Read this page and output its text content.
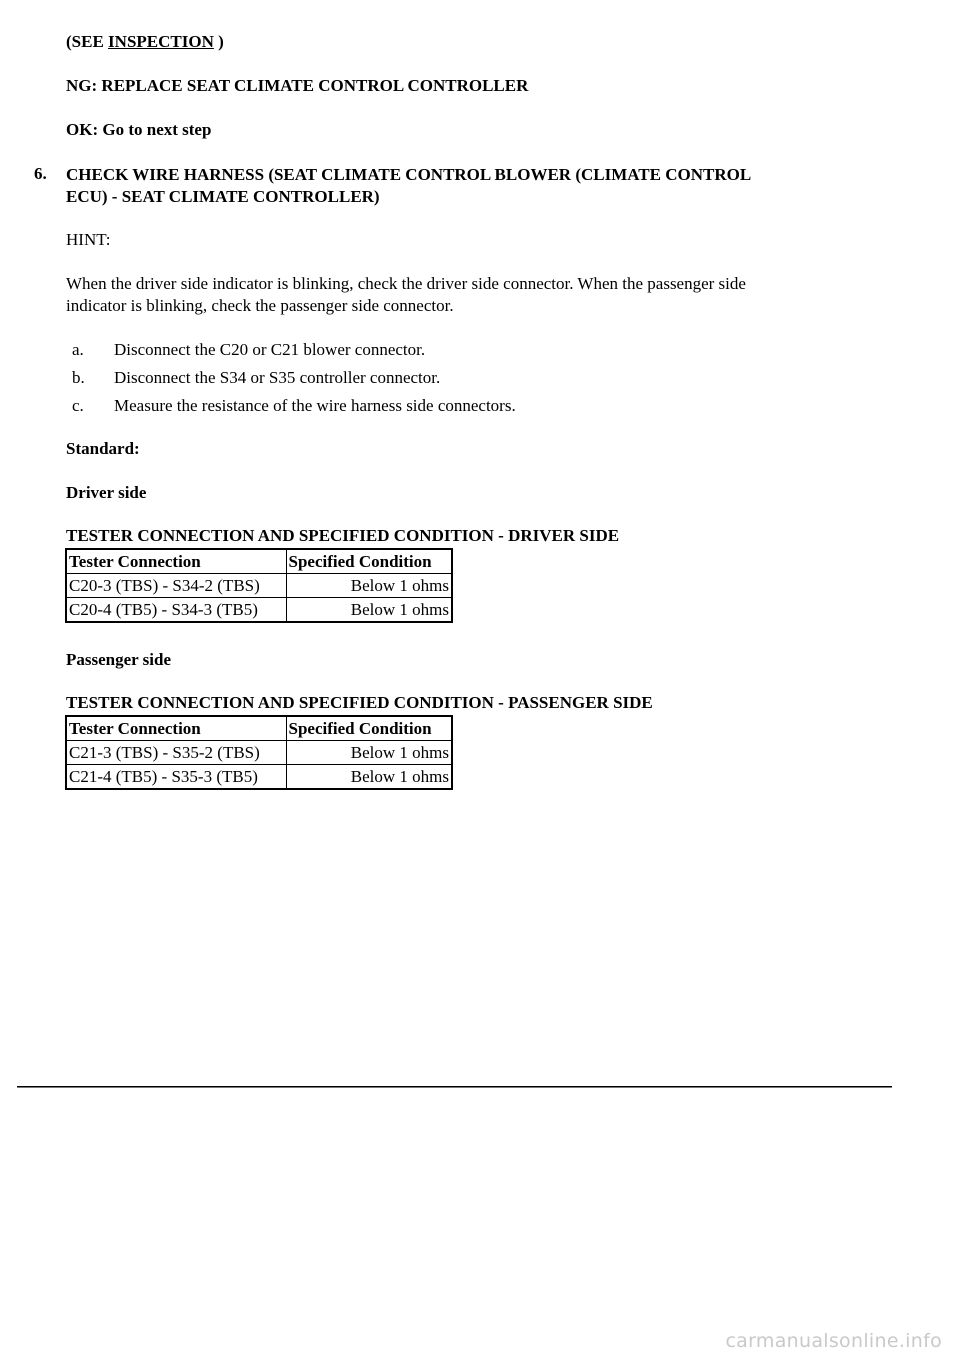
(SEE INSPECTION )
NG: REPLACE SEAT CLIMATE CONTROL CONTROLLER
OK: Go to next step
6. CHECK WIRE HARNESS (SEAT CLIMATE CONTROL BLOWER (CLIMATE CONTROL
ECU) - SEAT CLIMATE CONTROLLER)
HINT:
When the driver side indicator is blinking, check the driver side connector. When the passenger side
indicator is blinking, check the passenger side connector.
a. Disconnect the C20 or C21 blower connector.
b. Disconnect the S34 or S35 controller connector.
c. Measure the resistance of the wire harness side connectors.
Standard:
Driver side
TESTER CONNECTION AND SPECIFIED CONDITION - DRIVER SIDE
Tester Connection	Specified Condition
C20-3 (TBS) - S34-2 (TBS)	Below 1 ohms
C20-4 (TB5) - S34-3 (TB5)	Below 1 ohms
Passenger side
TESTER CONNECTION AND SPECIFIED CONDITION - PASSENGER SIDE
Tester Connection	Specified Condition
C21-3 (TBS) - S35-2 (TBS)	Below 1 ohms
C21-4 (TB5) - S35-3 (TB5)	Below 1 ohms
carmanualsonline.info
